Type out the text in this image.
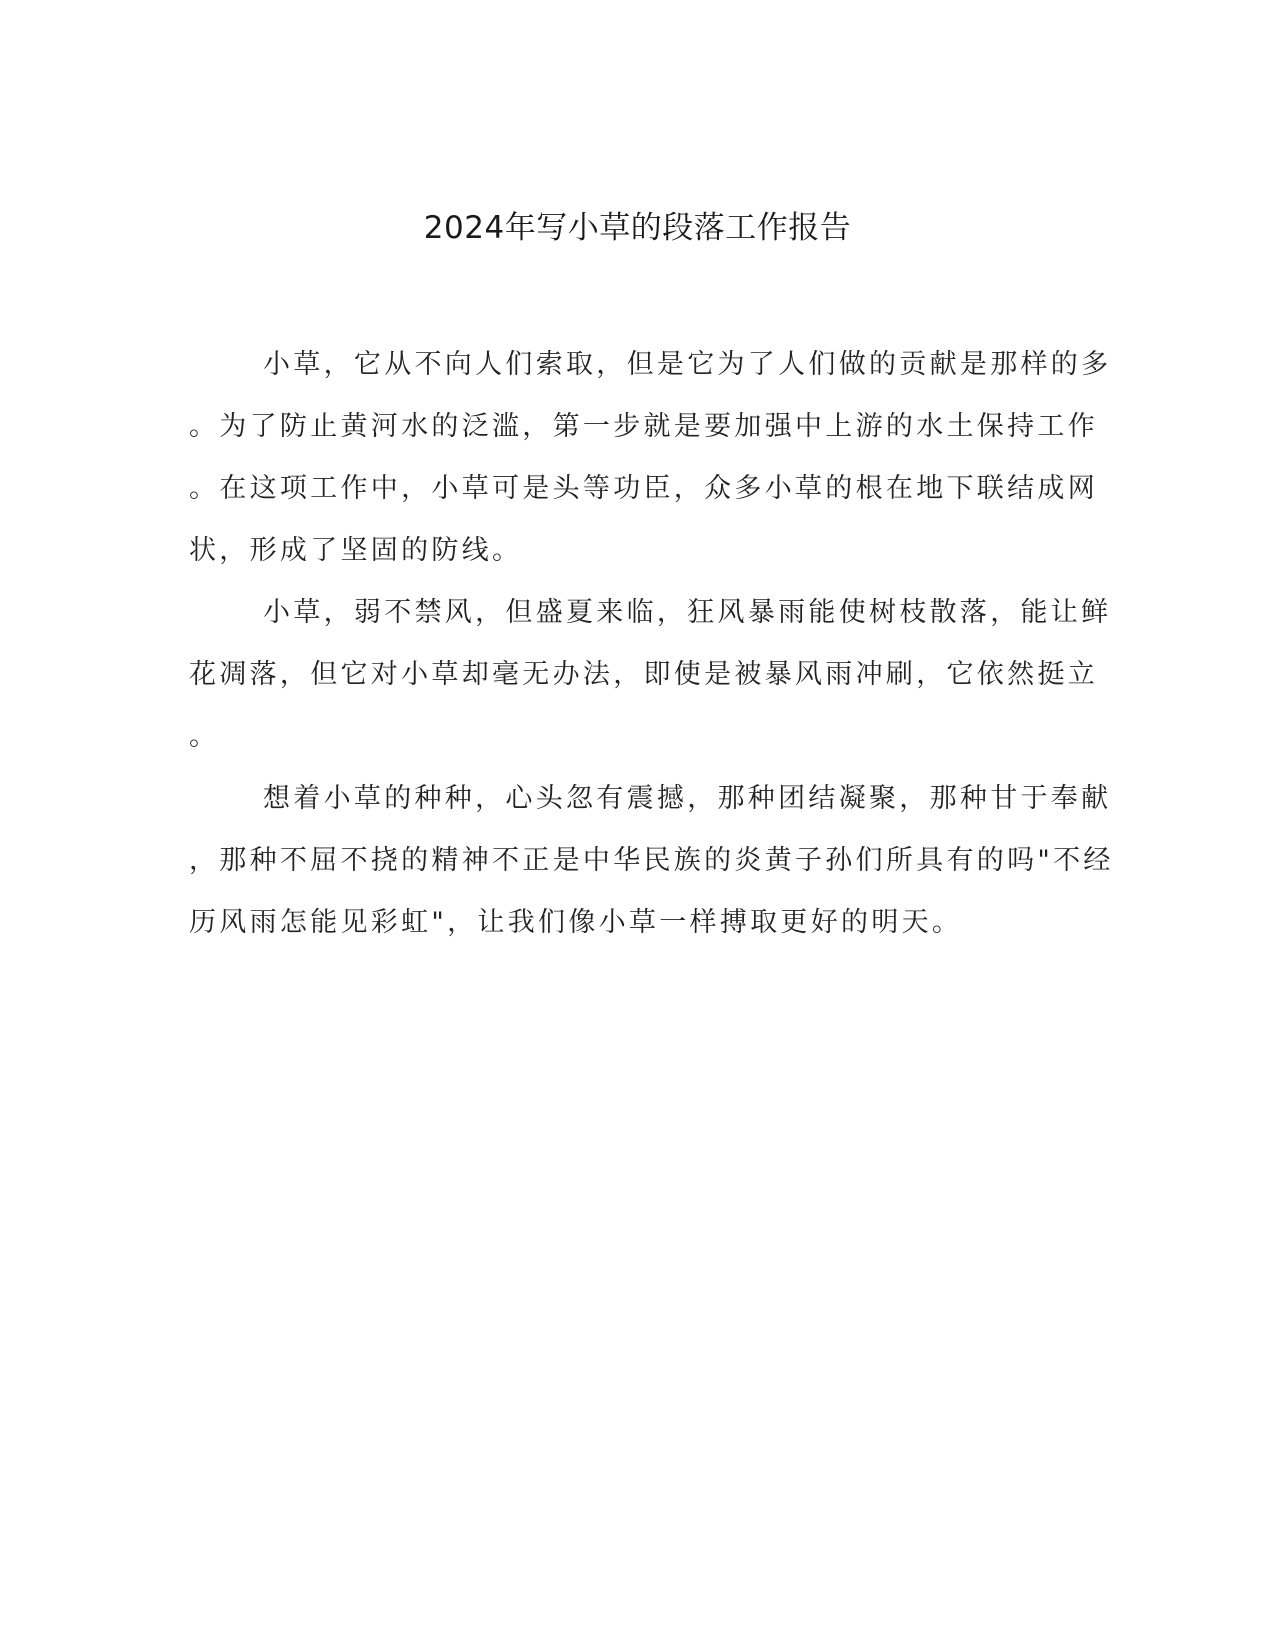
2024年写小草的段落工作报告

小草，它从不向人们索取，但是它为了人们做的贡献是那样的多
。为了防止黄河水的泛滥，第一步就是要加强中上游的水土保持工作
。在这项工作中，小草可是头等功臣，众多小草的根在地下联结成网
状，形成了坚固的防线。

小草，弱不禁风，但盛夏来临，狂风暴雨能使树枝散落，能让鲜
花凋落，但它对小草却毫无办法，即使是被暴风雨冲刷，它依然挺立
。

想着小草的种种，心头忽有震撼，那种团结凝聚，那种甘于奉献
，那种不屈不挠的精神不正是中华民族的炎黄子孙们所具有的吗"不经
历风雨怎能见彩虹"，让我们像小草一样搏取更好的明天。
